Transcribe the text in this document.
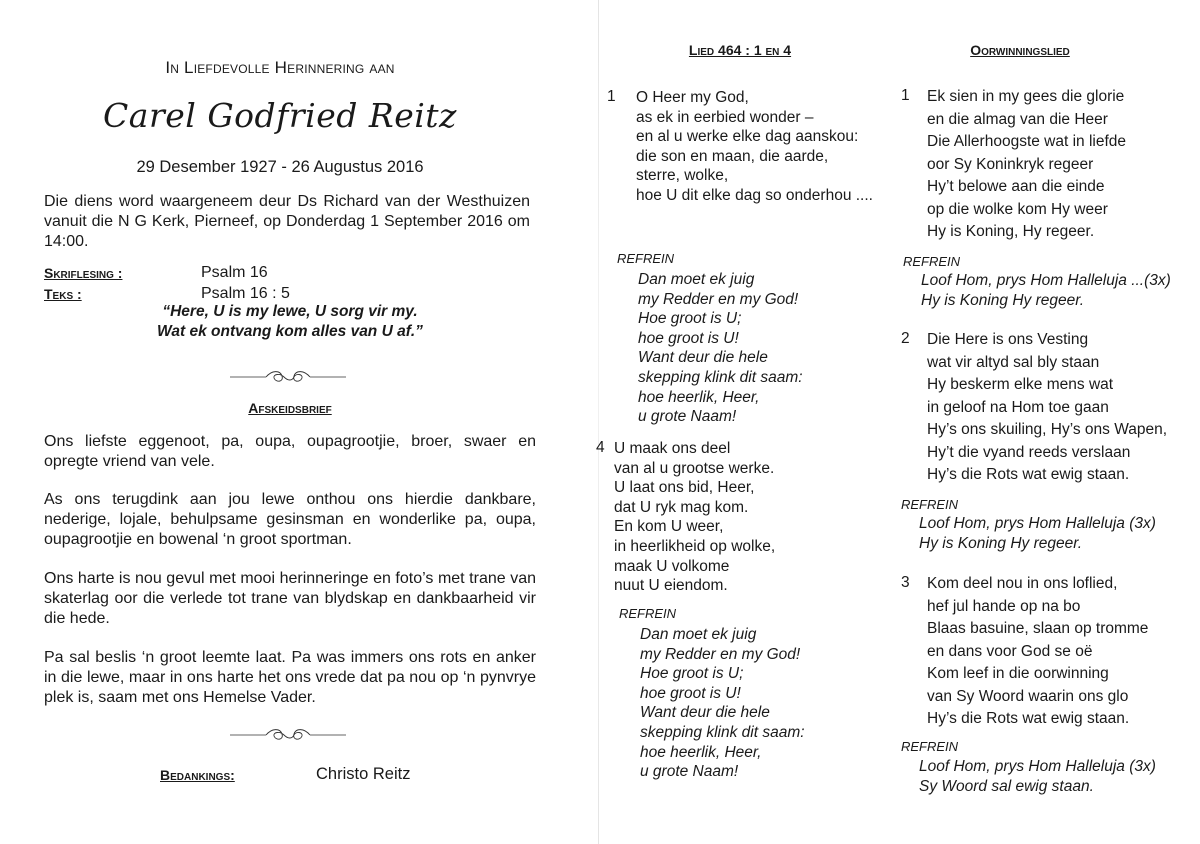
In Liefdevolle Herinnering aan
Carel Godfried Reitz
29 Desember 1927 - 26 Augustus 2016
Die diens word waargeneem deur Ds Richard van der Westhuizen vanuit die N G Kerk, Pierneef, op Donderdag 1 September 2016 om 14:00.
Skriflesing :	Psalm 16
Teks :	Psalm 16 : 5
“Here, U is my lewe, U sorg vir my.
Wat ek ontvang kom alles van U af.”
Afskeidsbrief

Ons liefste eggenoot, pa, oupa, oupagrootjie, broer, swaer en opregte vriend van vele.

As ons terugdink aan jou lewe onthou ons hierdie dankbare, nederige, lojale, behulpsame gesinsman en wonderlike pa, oupa, oupagrootjie en bowenal ‘n groot sportman.

Ons harte is nou gevul met mooi herinneringe en foto’s met trane van skaterlag oor die verlede tot trane van blydskap en dankbaarheid vir die hede.

Pa sal beslis ‘n groot leemte laat. Pa was immers ons rots en anker in die lewe, maar in ons harte het ons vrede dat pa nou op ‘n pynvrye plek is, saam met ons Hemelse Vader.

Bedankings:	Christo Reitz
Lied 464 : 1 en 4
1 O Heer my God,
as ek in eerbied wonder –
en al u werke elke dag aanskou:
die son en maan, die aarde,
sterre, wolke,
hoe U dit elke dag so onderhou ....
REFREIN
Dan moet ek juig
my Redder en my God!
Hoe groot is U;
hoe groot is U!
Want deur die hele
skepping klink dit saam:
hoe heerlik, Heer,
u grote Naam!
4 U maak ons deel
van al u grootse werke.
U laat ons bid, Heer,
dat U ryk mag kom.
En kom U weer,
in heerlikheid op wolke,
maak U volkome
nuut U eiendom.
REFREIN
Dan moet ek juig
my Redder en my God!
Hoe groot is U;
hoe groot is U!
Want deur die hele
skepping klink dit saam:
hoe heerlik, Heer,
u grote Naam!
Oorwinningslied
1 Ek sien in my gees die glorie
en die almag van die Heer
Die Allerhoogste wat in liefde
oor Sy Koninkryk regeer
Hy’t belowe aan die einde
op die wolke kom Hy weer
Hy is Koning, Hy regeer.
REFREIN
Loof Hom, prys Hom Halleluja ...(3x)
Hy is Koning Hy regeer.
2 Die Here is ons Vesting
wat vir altyd sal bly staan
Hy beskerm elke mens wat
in geloof na Hom toe gaan
Hy’s ons skuiling, Hy’s ons Wapen,
Hy’t die vyand reeds verslaan
Hy’s die Rots wat ewig staan.
REFREIN
Loof Hom, prys Hom Halleluja (3x)
Hy is Koning Hy regeer.
3 Kom deel nou in ons loflied,
hef jul hande op na bo
Blaas basuine, slaan op tromme
en dans voor God se oë
Kom leef in die oorwinning
van Sy Woord waarin ons glo
Hy’s die Rots wat ewig staan.
REFREIN
Loof Hom, prys Hom Halleluja (3x)
Sy Woord sal ewig staan.
